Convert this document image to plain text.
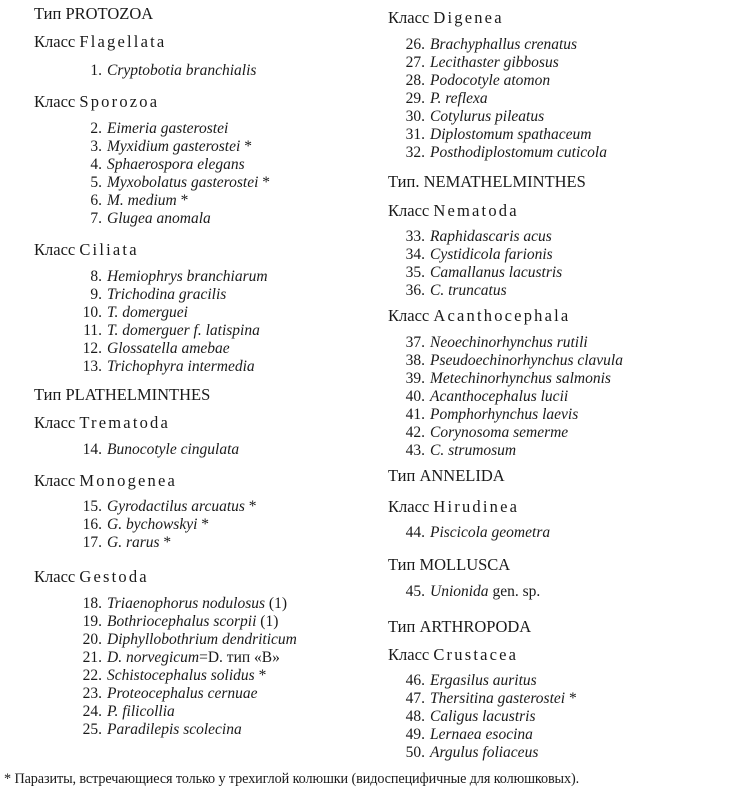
Тип PROTOZOA
Класс Flagellata
1. Cryptobotia branchialis
Класс Sporozoa
2. Eimeria gasterostei
3. Myxidium gasterostei *
4. Sphaerospora elegans
5. Myxobolatus gasterostei *
6. M. medium *
7. Glugea anomala
Класс Ciliata
8. Hemiophrys branchiarum
9. Trichodina gracilis
10. T. domerguei
11. T. domerguer f. latispina
12. Glossatella amebae
13. Trichophyra intermedia
Тип PLATHELMINTHES
Класс Trematoda
14. Bunocotyle cingulata
Класс Monogenea
15. Gyrodactilus arcuatus *
16. G. bychowskyi *
17. G. rarus *
Класс Gestoda
18. Triaenophorus nodulosus (1)
19. Bothriocephalus scorpii (1)
20. Diphyllobothrium dendriticum
21. D. norvegicum=D. тип «B»
22. Schistocephalus solidus *
23. Proteocephalus cernuae
24. P. filicollia
25. Paradilepis scolecina
Класс Digenea
26. Brachyphallus crenatus
27. Lecithaster gibbosus
28. Podocotyle atomon
29. P. reflexa
30. Cotylurus pileatus
31. Diplostomum spathaceum
32. Posthodiplostomum cuticola
Тип. NEMATHELMINTHES
Класс Nematoda
33. Raphidascaris acus
34. Cystidicola farionis
35. Camallanus lacustris
36. C. truncatus
Класс Acanthocephala
37. Neoechinorhynchus rutili
38. Pseudoechinorhynchus clavula
39. Metechinorhynchus salmonis
40. Acanthocephalus lucii
41. Pomphorhynchus laevis
42. Corynosoma semerme
43. C. strumosum
Тип ANNELIDA
Класс Hirudinea
44. Piscicola geometra
Тип MOLLUSCA
45. Unionida gen. sp.
Тип ARTHROPODA
Класс Crustacea
46. Ergasilus auritus
47. Thersitina gasterostei *
48. Caligus lacustris
49. Lernaea esocina
50. Argulus foliaceus
* Паразиты, встречающиеся только у трехиглой колюшки (видоспецифичные для колюшковых).
